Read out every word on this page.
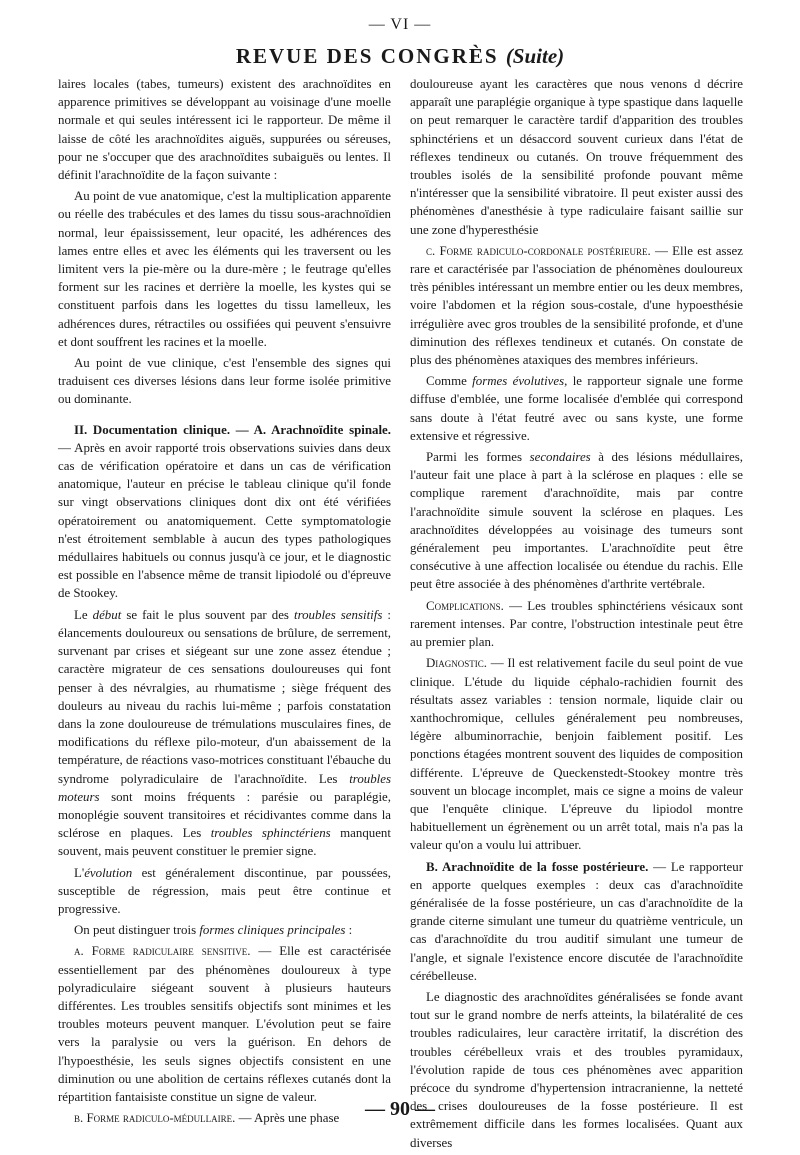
— VI —
REVUE DES CONGRÈS (Suite)

laires locales (tabes, tumeurs) existent des arachnoïdites en apparence primitives se développant au voisinage d'une moelle normale et qui seules intéressent ici le rapporteur. De même il laisse de côté les arachnoïdites aiguës, suppurées ou séreuses, pour ne s'occuper que des arachnoïdites subaiguës ou lentes. Il définit l'arachnoïdite de la façon suivante :

Au point de vue anatomique, c'est la multiplication apparente ou réelle des trabécules et des lames du tissu sous-arachnoïdien normal, leur épaississement, leur opacité, les adhérences des lames entre elles et avec les éléments qui les traversent ou les limitent vers la pie-mère ou la dure-mère ; le feutrage qu'elles forment sur les racines et derrière la moelle, les kystes qui se constituent parfois dans les logettes du tissu lamelleux, les adhérences dures, rétractiles ou ossifiées qui peuvent s'ensuivre et dont souffrent les racines et la moelle.

Au point de vue clinique, c'est l'ensemble des signes qui traduisent ces diverses lésions dans leur forme isolée primitive ou dominante.

II. Documentation clinique. — A. Arachnoïdite spinale. — Après en avoir rapporté trois observations suivies dans deux cas de vérification opératoire et dans un cas de vérification anatomique, l'auteur en précise le tableau clinique qu'il fonde sur vingt observations cliniques dont dix ont été vérifiées opératoirement ou anatomiquement. Cette symptomatologie n'est étroitement semblable à aucun des types pathologiques médullaires habituels ou connus jusqu'à ce jour, et le diagnostic est possible en l'absence même de transit lipiodolé ou d'épreuve de Stookey.

Le début se fait le plus souvent par des troubles sensitifs : élancements douloureux ou sensations de brûlure, de serrement, survenant par crises et siégeant sur une zone assez étendue ; caractère migrateur de ces sensations douloureuses qui font penser à des névralgies, au rhumatisme ; siège fréquent des douleurs au niveau du rachis lui-même ; parfois constatation dans la zone douloureuse de trémulations musculaires fines, de modifications du réflexe pilo-moteur, d'un abaissement de la température, de réactions vaso-motrices constituant l'ébauche du syndrome polyradiculaire de l'arachnoïdite. Les troubles moteurs sont moins fréquents : parésie ou paraplégie, monoplégie souvent transitoires et récidivantes comme dans la sclérose en plaques. Les troubles sphinctériens manquent souvent, mais peuvent constituer le premier signe.

L'évolution est généralement discontinue, par poussées, susceptible de régression, mais peut être continue et progressive.

On peut distinguer trois formes cliniques principales :

a. Forme radiculaire sensitive. — Elle est caractérisée essentiellement par des phénomènes douloureux à type polyradiculaire siégeant souvent à plusieurs hauteurs différentes. Les troubles sensitifs objectifs sont minimes et les troubles moteurs peuvent manquer. L'évolution peut se faire vers la paralysie ou vers la guérison. En dehors de l'hypoesthésie, les seuls signes objectifs consistent en une diminution ou une abolition de certains réflexes cutanés dont la répartition fantaisiste constitue un signe de valeur.

b. Forme radiculo-médullaire. — Après une phase

douloureuse ayant les caractères que nous venons d décrire apparaît une paraplégie organique à type spastique dans laquelle on peut remarquer le caractère tardif d'apparition des troubles sphinctériens et un désaccord souvent curieux dans l'état de réflexes tendineux ou cutanés. On trouve fréquemment des troubles isolés de la sensibilité profonde pouvant même n'intéresser que la sensibilité vibratoire. Il peut exister aussi des phénomènes d'anesthésie à type radiculaire faisant saillie sur une zone d'hyperesthésie

c. Forme radiculo-cordonale postérieure. — Elle est assez rare et caractérisée par l'association de phénomènes douloureux très pénibles intéressant un membre entier ou les deux membres, voire l'abdomen et la région sous-costale, d'une hypoesthésie irrégulière avec gros troubles de la sensibilité profonde, et d'une diminution des réflexes tendineux et cutanés. On constate de plus des phénomènes ataxiques des membres inférieurs.

Comme formes évolutives, le rapporteur signale une forme diffuse d'emblée, une forme localisée d'emblée qui correspond sans doute à l'état feutré avec ou sans kyste, une forme extensive et régressive.

Parmi les formes secondaires à des lésions médullaires, l'auteur fait une place à part à la sclérose en plaques : elle se complique rarement d'arachnoïdite, mais par contre l'arachnoïdite simule souvent la sclérose en plaques. Les arachnoïdites développées au voisinage des tumeurs sont généralement peu importantes. L'arachnoïdite peut être consécutive à une affection localisée ou étendue du rachis. Elle peut être associée à des phénomènes d'arthrite vertébrale.

Complications. — Les troubles sphinctériens vésicaux sont rarement intenses. Par contre, l'obstruction intestinale peut être au premier plan.

Diagnostic. — Il est relativement facile du seul point de vue clinique. L'étude du liquide céphalo-rachidien fournit des résultats assez variables : tension normale, liquide clair ou xanthochromique, cellules généralement peu nombreuses, légère albuminorrachie, benjoin faiblement positif. Les ponctions étagées montrent souvent des liquides de composition différente. L'épreuve de Queckenstedt-Stookey montre très souvent un blocage incomplet, mais ce signe a moins de valeur que l'enquête clinique. L'épreuve du lipiodol montre habituellement un égrènement ou un arrêt total, mais n'a pas la valeur qu'on a voulu lui attribuer.

B. Arachnoïdite de la fosse postérieure. — Le rapporteur en apporte quelques exemples : deux cas d'arachnoïdite généralisée de la fosse postérieure, un cas d'arachnoïdite de la grande citerne simulant une tumeur du quatrième ventricule, un cas d'arachnoïdite du trou auditif simulant une tumeur de l'angle, et signale l'existence encore discutée de l'arachnoïdite cérébelleuse.

Le diagnostic des arachnoïdites généralisées se fonde avant tout sur le grand nombre de nerfs atteints, la bilatéralité de ces troubles radiculaires, leur caractère irritatif, la discrétion des troubles cérébelleux vrais et des troubles pyramidaux, l'évolution rapide de tous ces phénomènes avec apparition précoce du syndrome d'hypertension intracranienne, la netteté des crises douloureuses de la fosse postérieure. Il est extrêmement difficile dans les formes localisées. Quant aux diverses

— 90 —
